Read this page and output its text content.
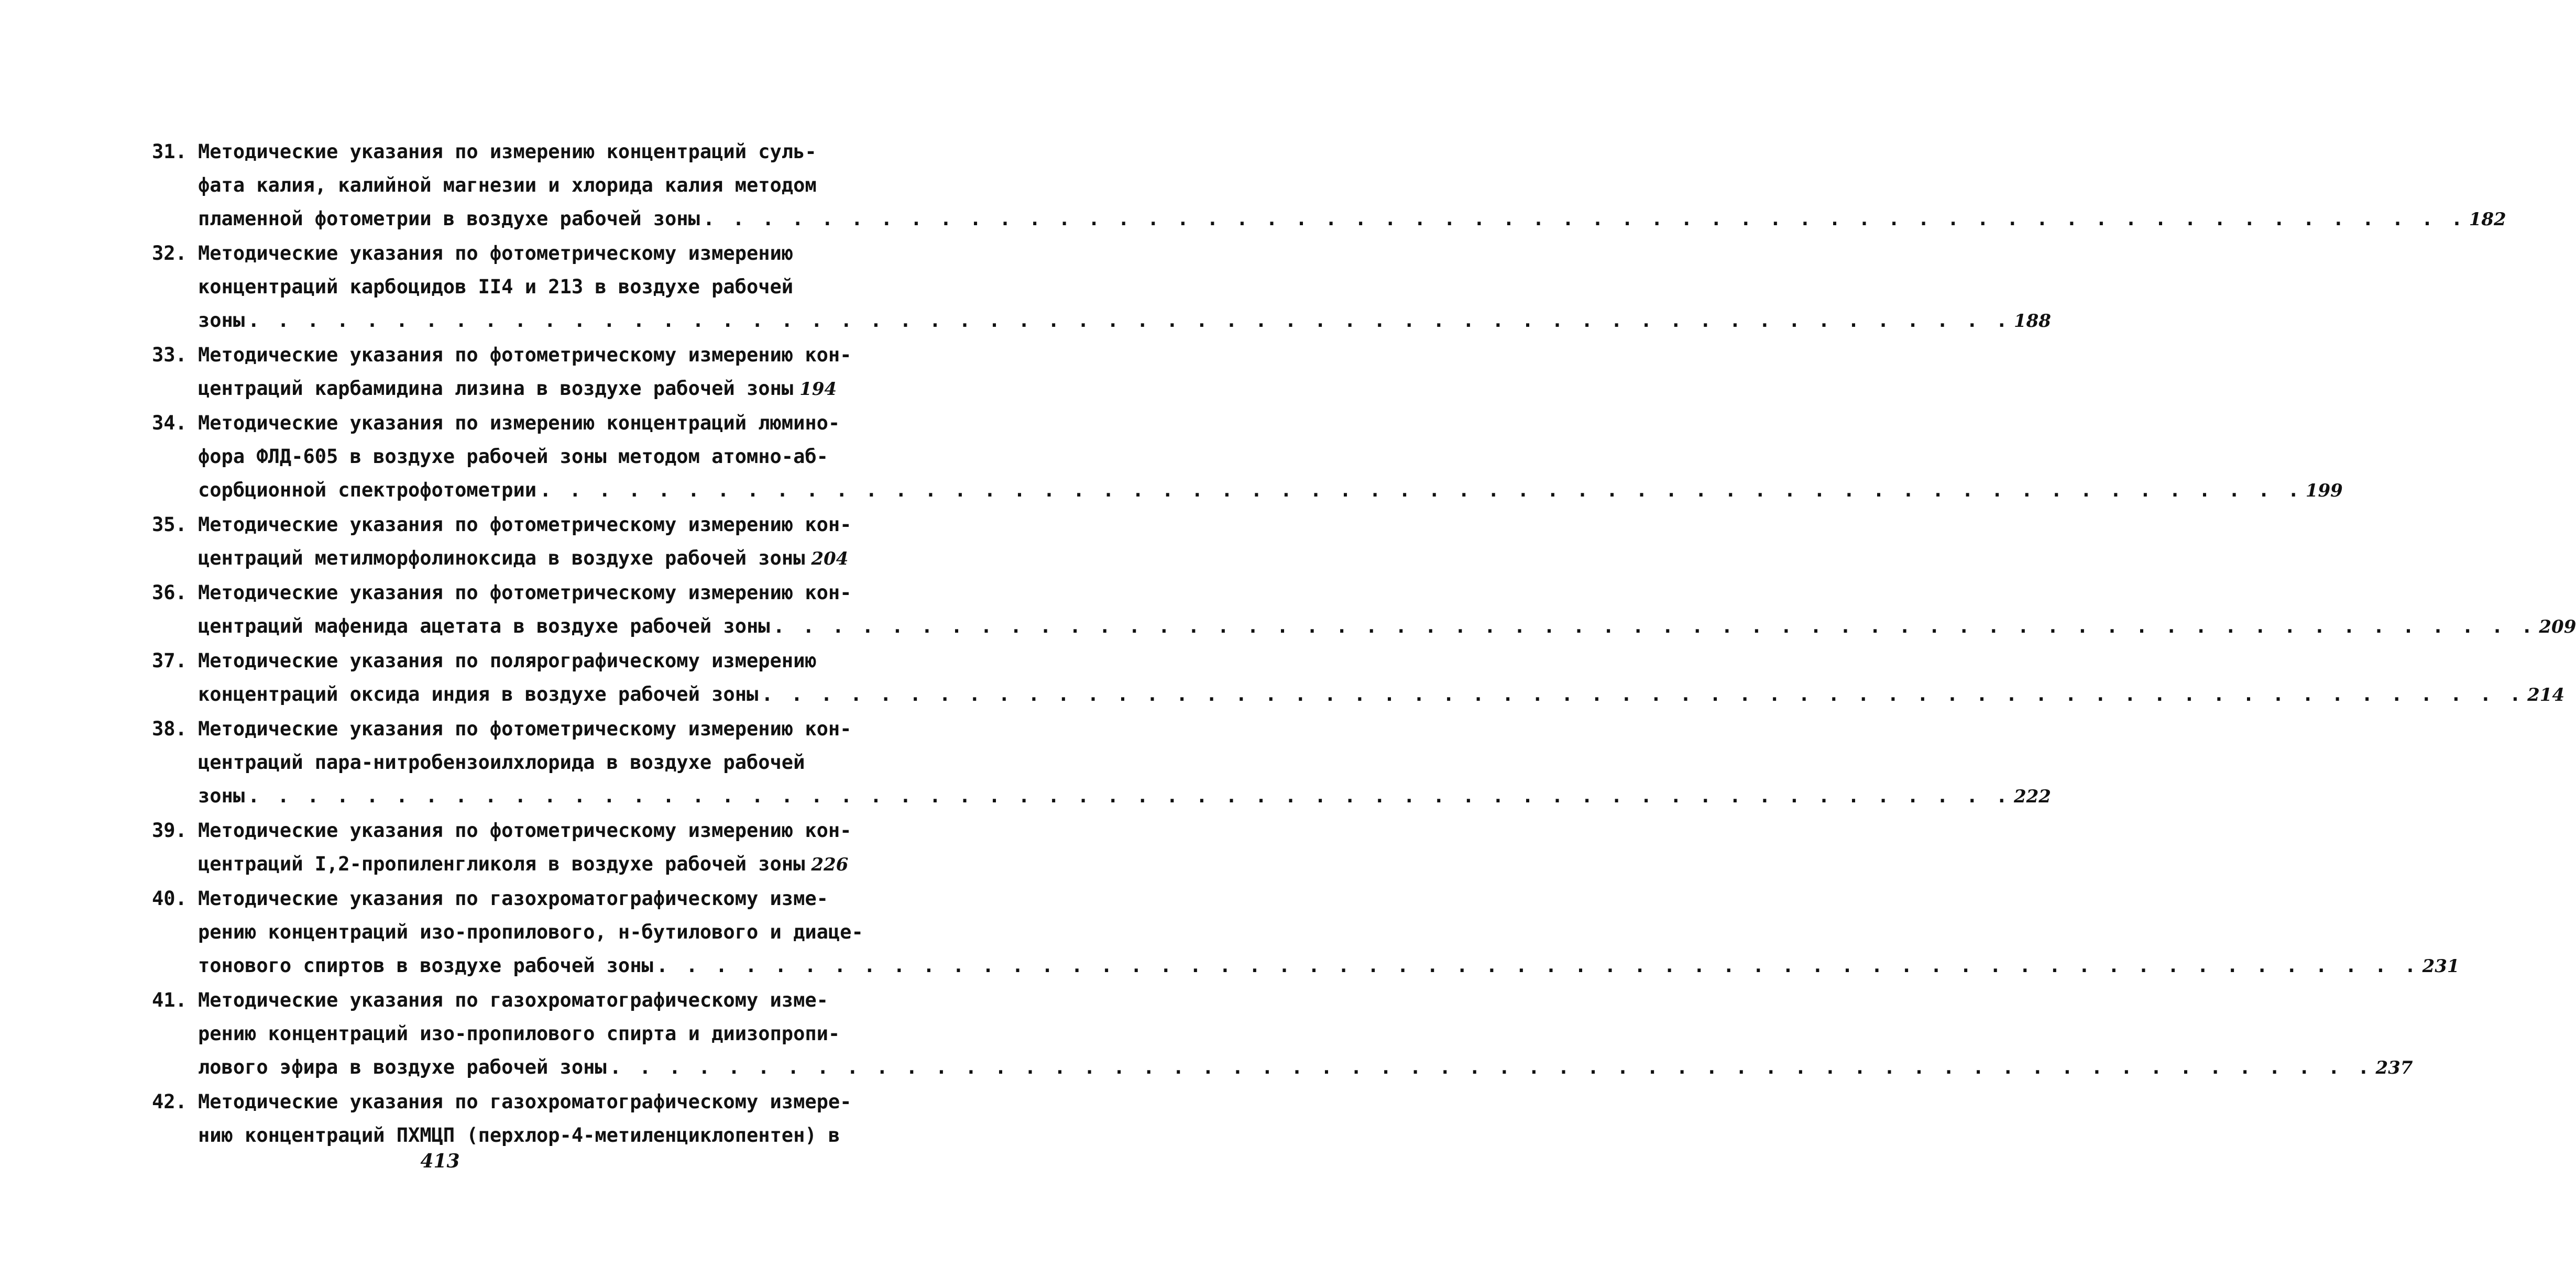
31. Методические указания по измерению концентраций суль-
фата калия, калийной магнезии и хлорида калия методом
пламенной фотометрии в воздухе рабочей зоны . . . . . . . . . . . . . . . . . . . . . . . . . . . . . . . . . . . . . . . . . . . . . . . . . . . . . . . . . . . . 182
32. Методические указания по фотометрическому измерению
концентраций карбоцидов II4 и 213 в воздухе рабочей
зоны . . . . . . . . . . . . . . . . . . . . . . . . . . . . . . . . . . . . . . . . . . . . . . . . . . . . . . . . . . . . 188
33. Методические указания по фотометрическому измерению кон-
центраций карбамидина лизина в воздухе рабочей зоны 194
34. Методические указания по измерению концентраций люмино-
фора ФЛД-605 в воздухе рабочей зоны методом атомно-аб-
сорбционной спектрофотометрии . . . . . . . . . . . . . . . . . . . . . . . . . . . . . . . . . . . . . . . . . . . . . . . . . . . . . . . . . . . . 199
35. Методические указания по фотометрическому измерению кон-
центраций метилморфолиноксида в воздухе рабочей зоны 204
36. Методические указания по фотометрическому измерению кон-
центраций мафенида ацетата в воздухе рабочей зоны . . . . . . . . . . . . . . . . . . . . . . . . . . . . . . . . . . . . . . . . . . . . . . . . . . . . . . . . . . . . 209
37. Методические указания по полярографическому измерению
концентраций оксида индия в воздухе рабочей зоны . . . . . . . . . . . . . . . . . . . . . . . . . . . . . . . . . . . . . . . . . . . . . . . . . . . . . . . . . . . . 214
38. Методические указания по фотометрическому измерению кон-
центраций пара-нитробензоилхлорида в воздухе рабочей
зоны . . . . . . . . . . . . . . . . . . . . . . . . . . . . . . . . . . . . . . . . . . . . . . . . . . . . . . . . . . . . 222
39. Методические указания по фотометрическому измерению кон-
центраций I,2-пропиленгликоля в воздухе рабочей зоны 226
40. Методические указания по газохроматографическому изме-
рению концентраций изо-пропилового, н-бутилового и диаце-
тонового спиртов в воздухе рабочей зоны . . . . . . . . . . . . . . . . . . . . . . . . . . . . . . . . . . . . . . . . . . . . . . . . . . . . . . . . . . . . 231
41. Методические указания по газохроматографическому изме-
рению концентраций изо-пропилового спирта и диизопропи-
лового эфира в воздухе рабочей зоны . . . . . . . . . . . . . . . . . . . . . . . . . . . . . . . . . . . . . . . . . . . . . . . . . . . . . . . . . . . . 237
42. Методические указания по газохроматографическому измере-
нию концентраций ПХМЦП (перхлор-4-метиленциклопентен) в
413
